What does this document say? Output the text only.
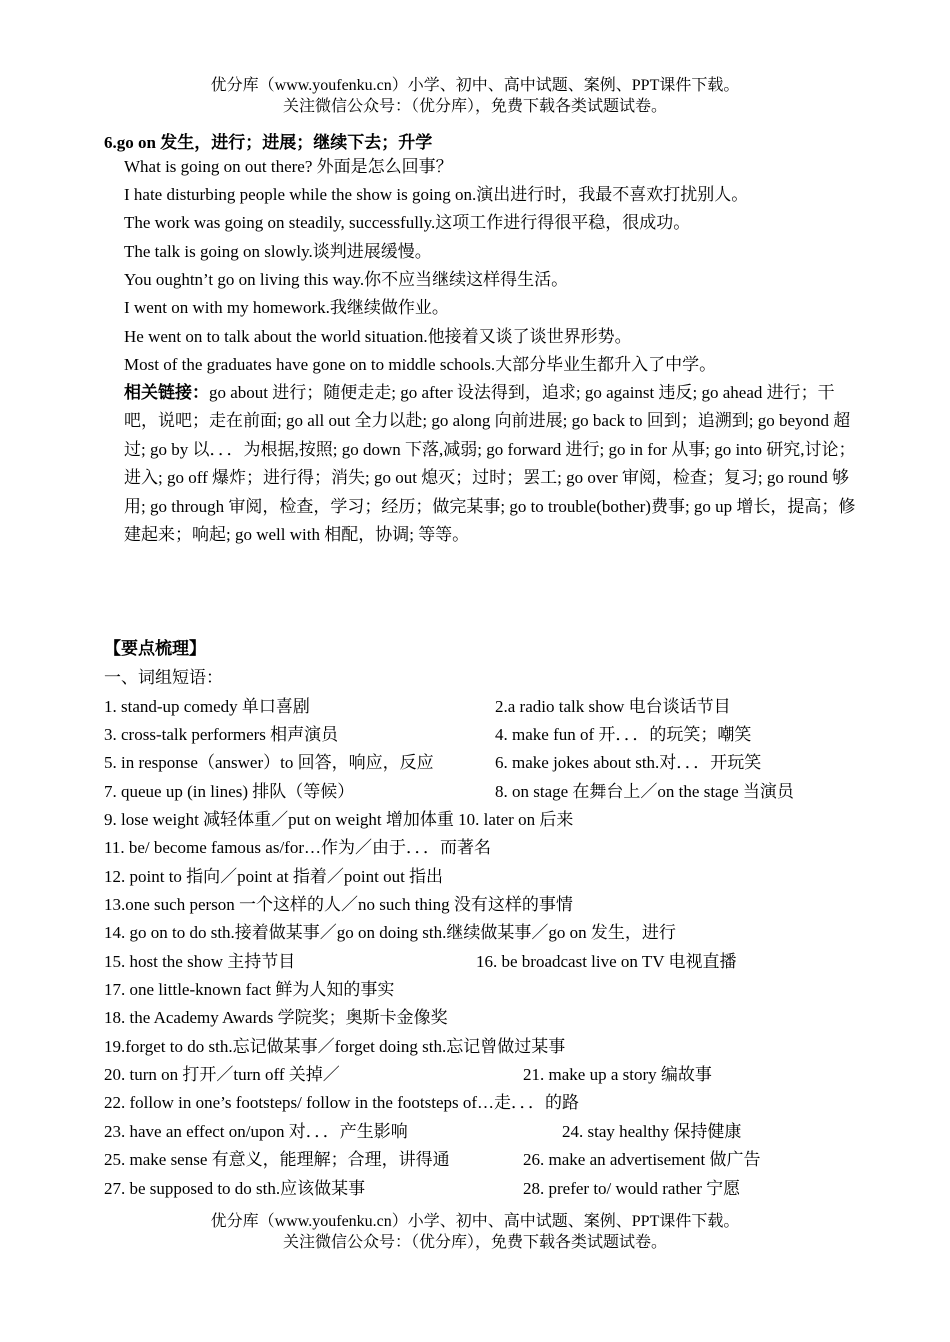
优分库（www.youfenku.cn）小学、初中、高中试题、案例、PPT课件下载。
关注微信公众号：（优分库），免费下载各类试题试卷。
6.go on 发生，进行；进展；继续下去；升学
What is going on out there? 外面是怎么回事？
I hate disturbing people while the show is going on.演出进行时，我最不喜欢打扰别人。
The work was going on steadily, successfully.这项工作进行得很平稳，很成功。
The talk is going on slowly.谈判进展缓慢。
You oughtn’t go on living this way.你不应当继续这样得生活。
I went on with my homework.我继续做作业。
He went on to talk about the world situation.他接着又谈了谈世界形势。
Most of the graduates have gone on to middle schools.大部分毕业生都升入了中学。
相关链接：go about 进行；随便走走; go after 设法得到，追求; go against 违反; go ahead 进行；干吧，说吧；走在前面; go all out 全力以赴; go along 向前进展; go back to 回到；追溯到; go beyond 超过; go by 以．．．为根据,按照; go down 下落,减弱; go forward 进行; go in for 从事; go into 研究,讨论；进入; go off 爆炸；进行得；消失; go out 熄灭；过时；罢工; go over 审阅，检查；复习; go round 够用; go through 审阅，检查，学习；经历；做完某事; go to trouble(bother)费事; go up 增长，提高；修建起来；响起; go well with 相配，协调; 等等。
【要点梳理】
一、词组短语：
1. stand-up comedy 单口喜剧	2.a radio talk show 电台谈话节目
3. cross-talk performers 相声演员	4. make fun of 开．．．的玩笑；嘲笑
5. in response（answer）to 回答，响应，反应	6. make jokes about sth.对．．．开玩笑
7. queue up (in lines) 排队（等候）	8. on stage 在舞台上／on the stage 当演员
9. lose weight 减轻体重／put on weight 增加体重 10. later on 后来
11. be/ become famous as/for…作为／由于．．．而著名
12. point to 指向／point at 指着／point out 指出
13.one such person 一个这样的人／no such thing 没有这样的事情
14. go on to do sth.接着做某事／go on doing sth.继续做某事／go on 发生，进行
15. host the show 主持节目	16. be broadcast live on TV 电视直播
17. one little-known fact 鲜为人知的事实
18. the Academy Awards 学院奖；奥斯卡金像奖
19.forget to do sth.忘记做某事／forget doing sth.忘记曾做过某事
20. turn on 打开／turn off 关掉／	21. make up a story 编故事
22. follow in one’s footsteps/ follow in the footsteps of…走．．．的路
23. have an effect on/upon 对．．．产生影响	24. stay healthy 保持健康
25. make sense 有意义，能理解；合理，讲得通	26. make an advertisement 做广告
27. be supposed to do sth.应该做某事	28. prefer to/ would rather 宁愿
优分库（www.youfenku.cn）小学、初中、高中试题、案例、PPT课件下载。
关注微信公众号：（优分库），免费下载各类试题试卷。
